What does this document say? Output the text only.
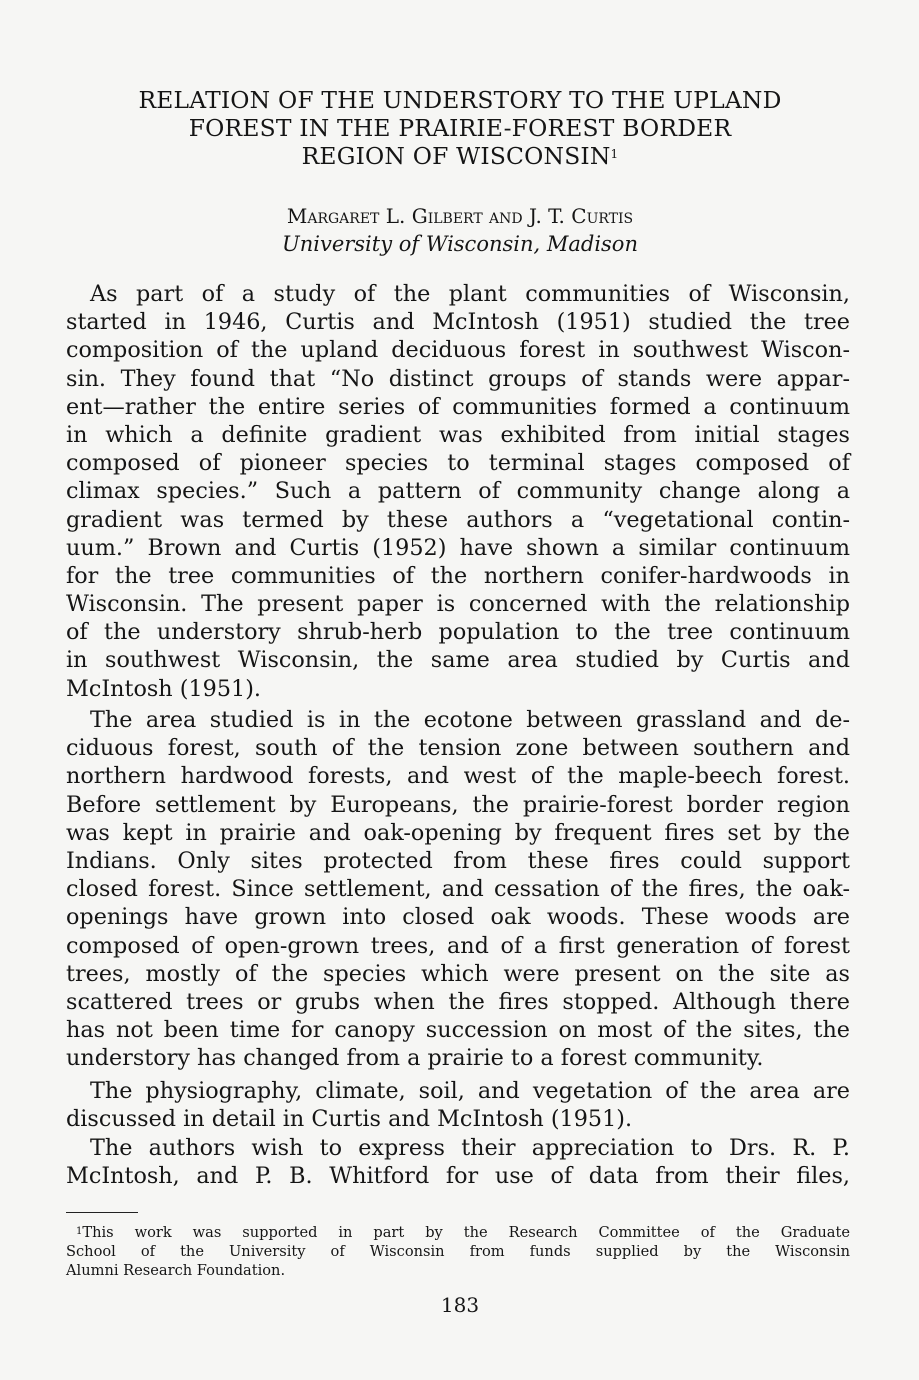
RELATION OF THE UNDERSTORY TO THE UPLAND
FOREST IN THE PRAIRIE-FOREST BORDER
REGION OF WISCONSIN$^1$
Margaret L. Gilbert and J. T. Curtis
University of Wisconsin, Madison
As part of a study of the plant communities of Wisconsin,
started in 1946, Curtis and McIntosh (1951) studied the tree
composition of the upland deciduous forest in southwest Wiscon-
sin. They found that “No distinct groups of stands were appar-
ent—rather the entire series of communities formed a continuum
in which a definite gradient was exhibited from initial stages
composed of pioneer species to terminal stages composed of
climax species.” Such a pattern of community change along a
gradient was termed by these authors a “vegetational contin-
uum.” Brown and Curtis (1952) have shown a similar continuum
for the tree communities of the northern conifer-hardwoods in
Wisconsin. The present paper is concerned with the relationship
of the understory shrub-herb population to the tree continuum
in southwest Wisconsin, the same area studied by Curtis and
McIntosh (1951).
The area studied is in the ecotone between grassland and de-
ciduous forest, south of the tension zone between southern and
northern hardwood forests, and west of the maple-beech forest.
Before settlement by Europeans, the prairie-forest border region
was kept in prairie and oak-opening by frequent fires set by the
Indians. Only sites protected from these fires could support
closed forest. Since settlement, and cessation of the fires, the oak-
openings have grown into closed oak woods. These woods are
composed of open-grown trees, and of a first generation of forest
trees, mostly of the species which were present on the site as
scattered trees or grubs when the fires stopped. Although there
has not been time for canopy succession on most of the sites, the
understory has changed from a prairie to a forest community.
The physiography, climate, soil, and vegetation of the area are
discussed in detail in Curtis and McIntosh (1951).
The authors wish to express their appreciation to Drs. R. P.
McIntosh, and P. B. Whitford for use of data from their files,
$^1$This work was supported in part by the Research Committee of the Graduate
School of the University of Wisconsin from funds supplied by the Wisconsin
Alumni Research Foundation.
183
